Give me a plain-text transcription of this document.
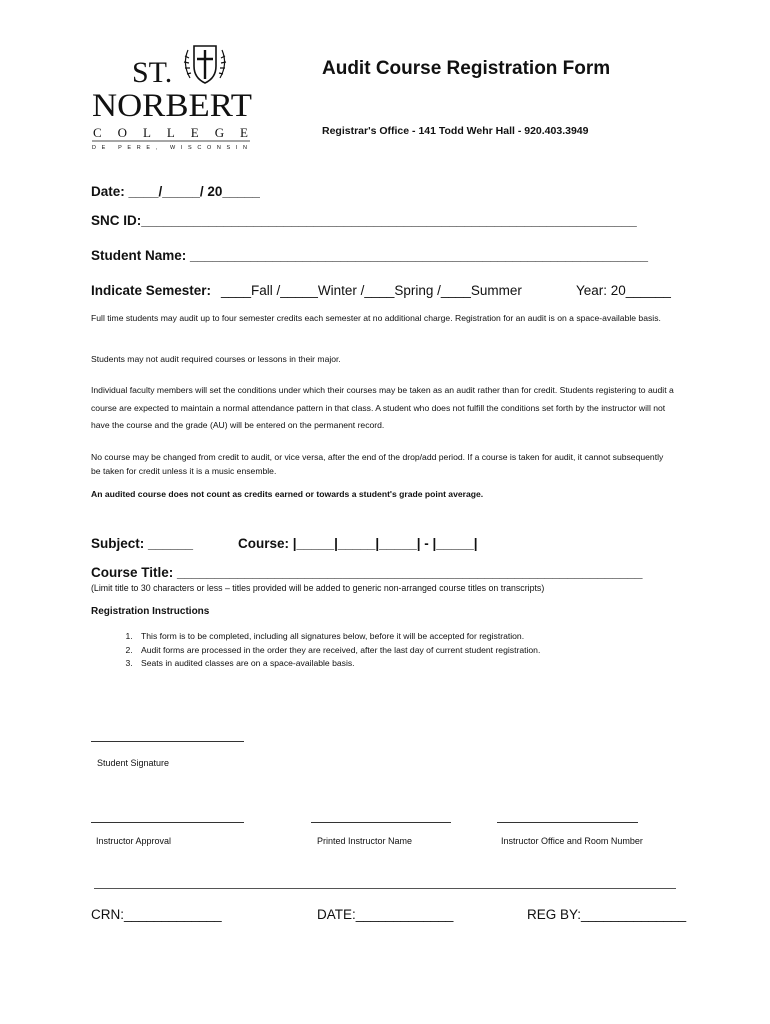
ST.
NORBERT
COLLEGE
DE PERE, WISCONSIN
Audit Course Registration Form
Registrar's Office - 141 Todd Wehr Hall - 920.403.3949
Date: ____/_____/ 20_____
SNC ID:__________________________________________________________________
Student Name: _____________________________________________________________
Indicate Semester: ____Fall /_____Winter /____Spring /____Summer	Year: 20______
Full time students may audit up to four semester credits each semester at no additional charge. Registration for an audit is on a space-available basis.
Students may not audit required courses or lessons in their major.
Individual faculty members will set the conditions under which their courses may be taken as an audit rather than for credit. Students registering to audit a course are expected to maintain a normal attendance pattern in that class. A student who does not fulfill the conditions set forth by the instructor will not have the course and the grade (AU) will be entered on the permanent record.
No course may be changed from credit to audit, or vice versa, after the end of the drop/add period. If a course is taken for audit, it cannot subsequently be taken for credit unless it is a music ensemble.
An audited course does not count as credits earned or towards a student's grade point average.
Subject: ______	Course: |_____|_____|_____| - |_____|
Course Title: ______________________________________________________________
(Limit title to 30 characters or less – titles provided will be added to generic non-arranged course titles on transcripts)
Registration Instructions
1. This form is to be completed, including all signatures below, before it will be accepted for registration.
2. Audit forms are processed in the order they are received, after the last day of current student registration.
3. Seats in audited classes are on a space-available basis.
Student Signature
Instructor Approval	Printed Instructor Name	Instructor Office and Room Number
CRN:_____________	DATE:_____________	REG BY:______________
